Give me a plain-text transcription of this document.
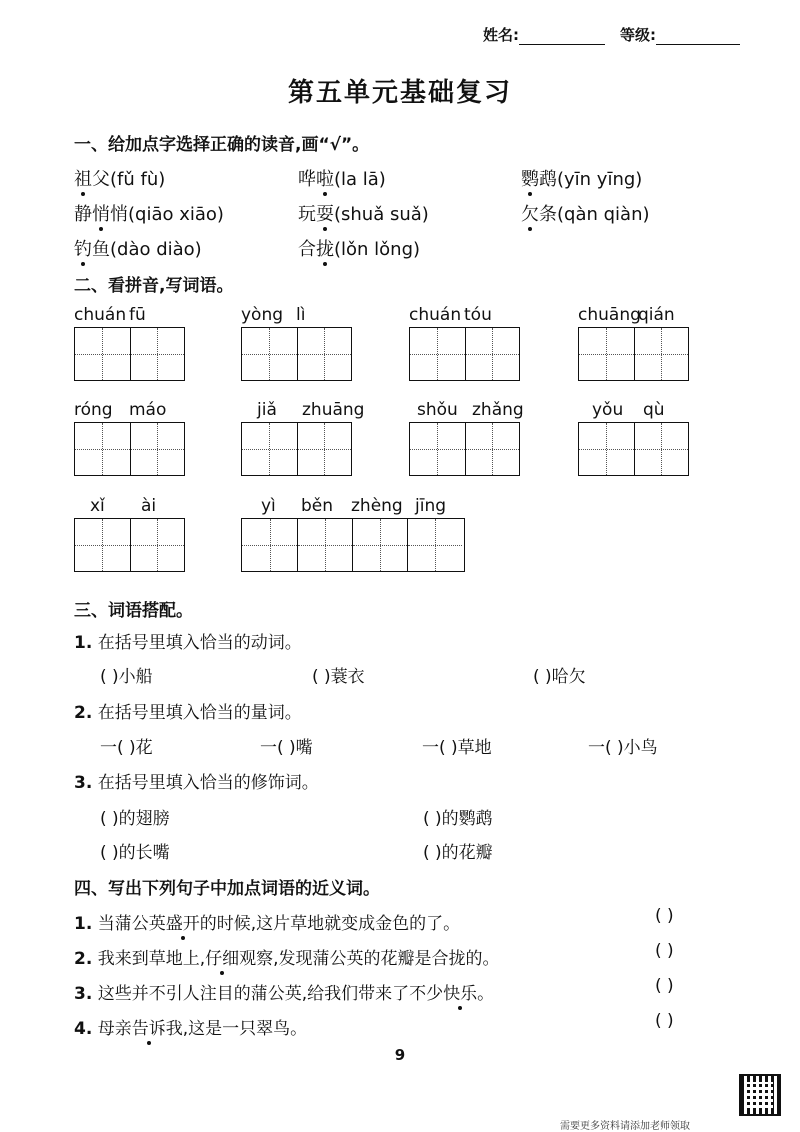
姓名:	等级:
第五单元基础复习
一、给加点字选择正确的读音,画“√”。
祖父(fǔ fù)	哗啦(la lā)	鹦鹉(yīn yīng)
静悄悄(qiāo xiāo)	玩耍(shuǎ suǎ)	欠条(qàn qiàn)
钓鱼(dào diào)	合拢(lǒn lǒng)
二、看拼音,写词语。
chuán fū	yòng lì	chuán tóu	chuāngqián
róng máo	jiǎ zhuāng	shǒu zhǎng	yǒu qù
xǐ ài	yì běn zhèng jīng
三、词语搭配。
1. 在括号里填入恰当的动词。
( )小船	( )蓑衣	( )哈欠
2. 在括号里填入恰当的量词。
一( )花	一( )嘴	一( )草地	一( )小鸟
3. 在括号里填入恰当的修饰词。
( )的翅膀	( )的鹦鹉
( )的长嘴	( )的花瓣
四、写出下列句子中加点词语的近义词。
1. 当蒲公英盛开的时候,这片草地就变成金色的了。	( )
2. 我来到草地上,仔细观察,发现蒲公英的花瓣是合拢的。	( )
3. 这些并不引人注目的蒲公英,给我们带来了不少快乐。	( )
4. 母亲告诉我,这是一只翠鸟。	( )
9
需要更多资料请添加老师领取
